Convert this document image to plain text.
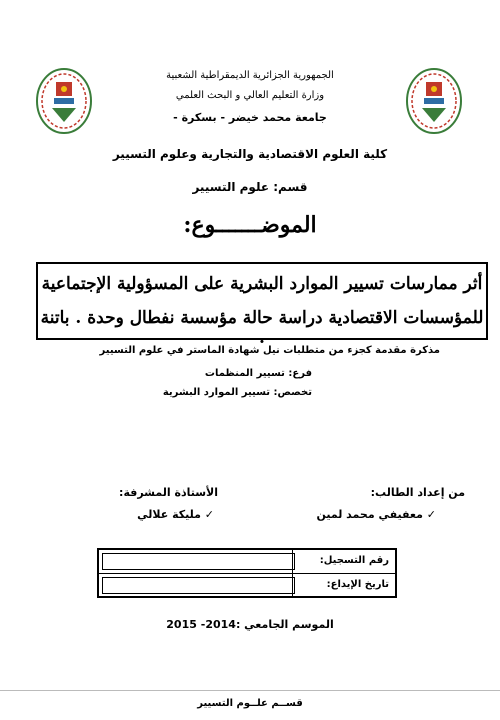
الجمهورية الجزائرية الديمقراطية الشعبية
وزارة التعليم العالي و البحث العلمي
جامعة محمد خيضر - بسكرة -
كلية العلوم الاقتصادية والتجارية وعلوم التسيير
قسم: علوم التسيير
الموضـــــــوع:
أثر ممارسات تسيير الموارد البشرية على المسؤولية الإجتماعية
للمؤسسات الاقتصادية دراسة حالة مؤسسة نفطال وحدة . باتنة .
مذكرة مقدمة كجزء من متطلبات نيل شهادة الماستر في علوم التسيير
فرع: تسيير المنظمات
تخصص: تسيير الموارد البشرية
من إعداد الطالب:
الأستاذة المشرفة:
✓ معفيفي محمد لمين
✓ مليكة علالي
رقم التسجيل:
تاريخ الإيداع:
الموسم الجامعي :2014- 2015
قســم علــوم التسيير
